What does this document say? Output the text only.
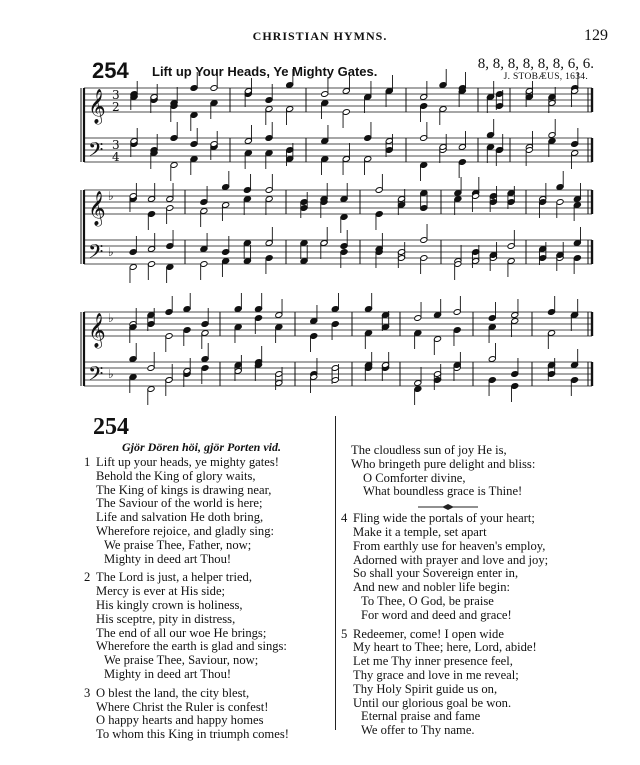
CHRISTIAN HYMNS.	129
254 Lift up Your Heads, Ye Mighty Gates.	8, 8, 8, 8, 8, 8, 6, 6.
J. STOBÆUS, 1634.
𝄞
𝄢
3
2
3
4
𝄞
𝄢
♭
♭
𝄞
𝄢
♭
♭
254
Gjör Dören höi, gjör Porten vid.
1 Lift up your heads, ye mighty gates!
Behold the King of glory waits,
The King of kings is drawing near,
The Saviour of the world is here;
Life and salvation He doth bring,
Wherefore rejoice, and gladly sing:
We praise Thee, Father, now;
Mighty in deed art Thou!
2 The Lord is just, a helper tried,
Mercy is ever at His side;
His kingly crown is holiness,
His sceptre, pity in distress,
The end of all our woe He brings;
Wherefore the earth is glad and sings:
We praise Thee, Saviour, now;
Mighty in deed art Thou!
3 O blest the land, the city blest,
Where Christ the Ruler is confest!
O happy hearts and happy homes
To whom this King in triumph comes!
The cloudless sun of joy He is,
Who bringeth pure delight and bliss:
O Comforter divine,
What boundless grace is Thine!
4 Fling wide the portals of your heart;
Make it a temple, set apart
From earthly use for heaven's employ,
Adorned with prayer and love and joy;
So shall your Sovereign enter in,
And new and nobler life begin:
To Thee, O God, be praise
For word and deed and grace!
5 Redeemer, come! I open wide
My heart to Thee; here, Lord, abide!
Let me Thy inner presence feel,
Thy grace and love in me reveal;
Thy Holy Spirit guide us on,
Until our glorious goal be won.
Eternal praise and fame
We offer to Thy name.
